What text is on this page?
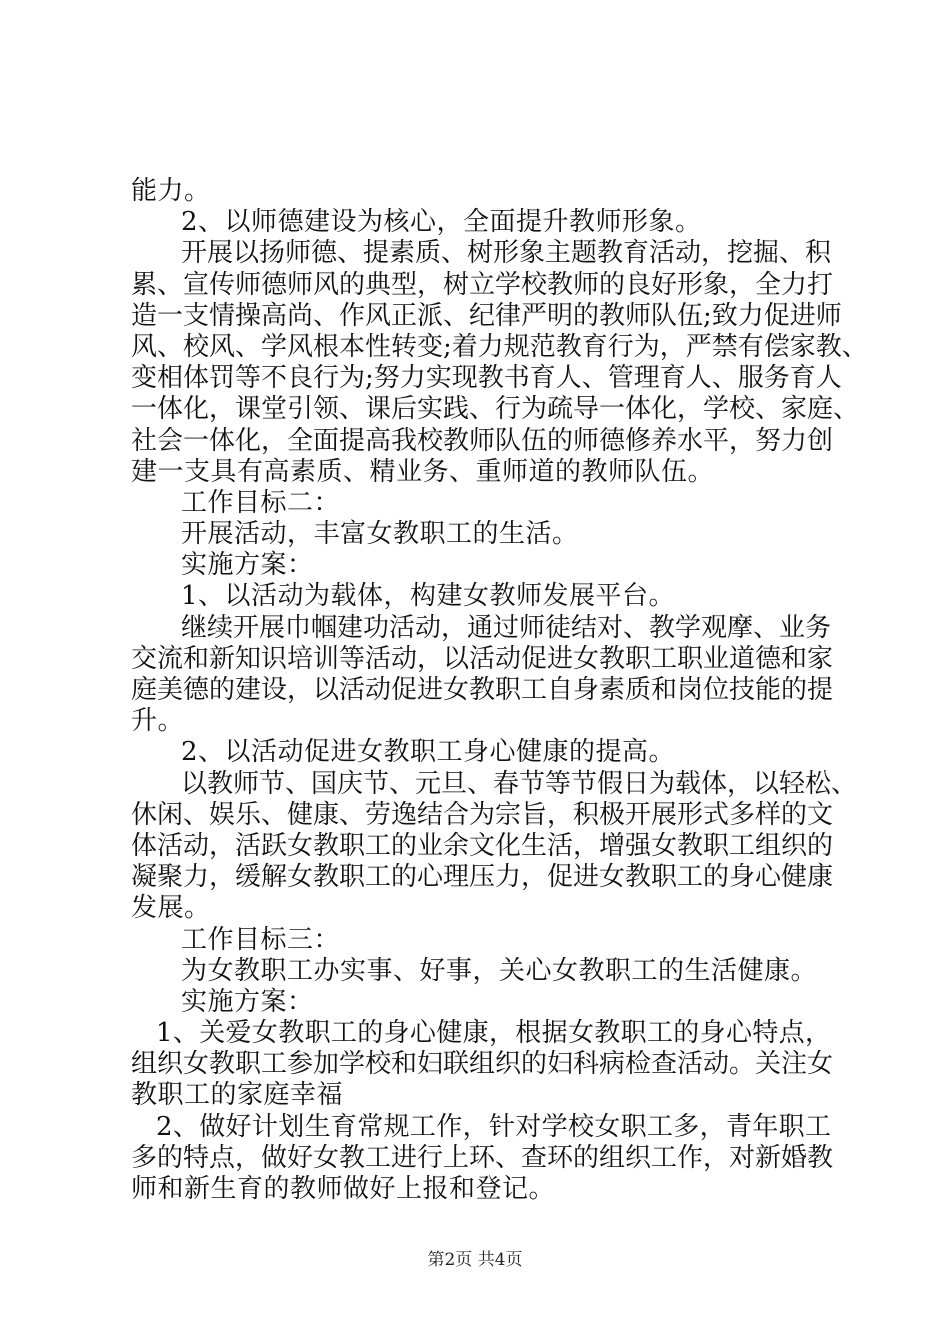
能力。
2、以师德建设为核心，全面提升教师形象。
开展以扬师德、提素质、树形象主题教育活动，挖掘、积
累、宣传师德师风的典型，树立学校教师的良好形象，全力打
造一支情操高尚、作风正派、纪律严明的教师队伍;致力促进师
风、校风、学风根本性转变;着力规范教育行为，严禁有偿家教、
变相体罚等不良行为;努力实现教书育人、管理育人、服务育人
一体化，课堂引领、课后实践、行为疏导一体化，学校、家庭、
社会一体化，全面提高我校教师队伍的师德修养水平，努力创
建一支具有高素质、精业务、重师道的教师队伍。
工作目标二：
开展活动，丰富女教职工的生活。
实施方案：
1、以活动为载体，构建女教师发展平台。
继续开展巾帼建功活动，通过师徒结对、教学观摩、业务
交流和新知识培训等活动，以活动促进女教职工职业道德和家
庭美德的建设，以活动促进女教职工自身素质和岗位技能的提
升。
2、以活动促进女教职工身心健康的提高。
以教师节、国庆节、元旦、春节等节假日为载体，以轻松、
休闲、娱乐、健康、劳逸结合为宗旨，积极开展形式多样的文
体活动，活跃女教职工的业余文化生活，增强女教职工组织的
凝聚力，缓解女教职工的心理压力，促进女教职工的身心健康
发展。
工作目标三：
为女教职工办实事、好事，关心女教职工的生活健康。
实施方案：
1、关爱女教职工的身心健康，根据女教职工的身心特点，
组织女教职工参加学校和妇联组织的妇科病检查活动。关注女
教职工的家庭幸福
2、做好计划生育常规工作，针对学校女职工多，青年职工
多的特点，做好女教工进行上环、查环的组织工作，对新婚教
师和新生育的教师做好上报和登记。
第2页 共4页
